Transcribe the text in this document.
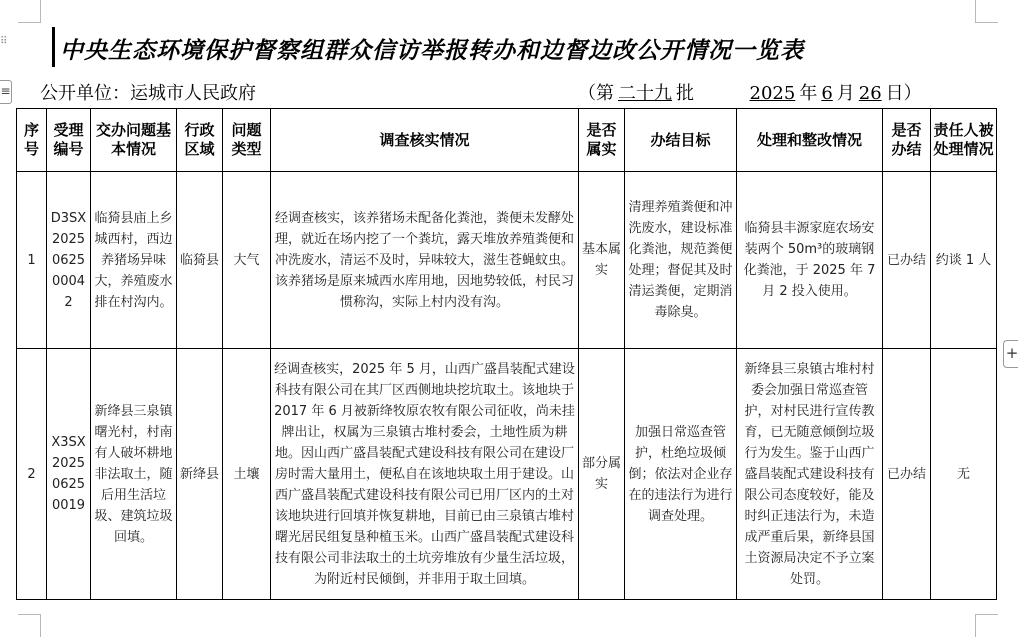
⠿
≡
+
中央生态环境保护督察组群众信访举报转办和边督边改公开情况一览表
公开单位：运城市人民政府	（第 二十九 批	2025 年 6 月 26 日）
序号	受理编号	交办问题基本情况	行政区域	问题类型	调查核实情况	是否属实	办结目标	处理和整改情况	是否办结	责任人被处理情况
1	D3SX2025062500042	临猗县庙上乡城西村，西边养猪场异味大，养殖废水排在村沟内。	临猗县	大气	经调查核实，该养猪场未配备化粪池，粪便未发酵处理，就近在场内挖了一个粪坑，露天堆放养殖粪便和冲洗废水，清运不及时，异味较大，滋生苍蝇蚊虫。该养猪场是原来城西水库用地，因地势较低，村民习惯称沟，实际上村内没有沟。	基本属实	清理养殖粪便和冲洗废水，建设标准化粪池，规范粪便处理；督促其及时清运粪便，定期消毒除臭。	临猗县丰源家庭农场安装两个 50m³的玻璃钢化粪池，于 2025 年 7 月 2 投入使用。	已办结	约谈 1 人
2	X3SX20250625 0019	新绛县三泉镇曙光村，村南有人破坏耕地非法取土，随后用生活垃圾、建筑垃圾回填。	新绛县	土壤	经调查核实，2025 年 5 月，山西广盛昌装配式建设科技有限公司在其厂区西侧地块挖坑取土。该地块于 2017 年 6 月被新绛牧原农牧有限公司征收，尚未挂牌出让，权属为三泉镇古堆村委会，土地性质为耕地。因山西广盛昌装配式建设科技有限公司在建设厂房时需大量用土，便私自在该地块取土用于建设。山西广盛昌装配式建设科技有限公司已用厂区内的土对该地块进行回填并恢复耕地，目前已由三泉镇古堆村曙光居民组复垦种植玉米。山西广盛昌装配式建设科技有限公司非法取土的土坑旁堆放有少量生活垃圾，为附近村民倾倒，并非用于取土回填。	部分属实	加强日常巡查管护，杜绝垃圾倾倒；依法对企业存在的违法行为进行调查处理。	新绛县三泉镇古堆村村委会加强日常巡查管护，对村民进行宣传教育，已无随意倾倒垃圾行为发生。鉴于山西广盛昌装配式建设科技有限公司态度较好，能及时纠正违法行为，未造成严重后果，新绛县国土资源局决定不予立案处罚。	已办结	无
